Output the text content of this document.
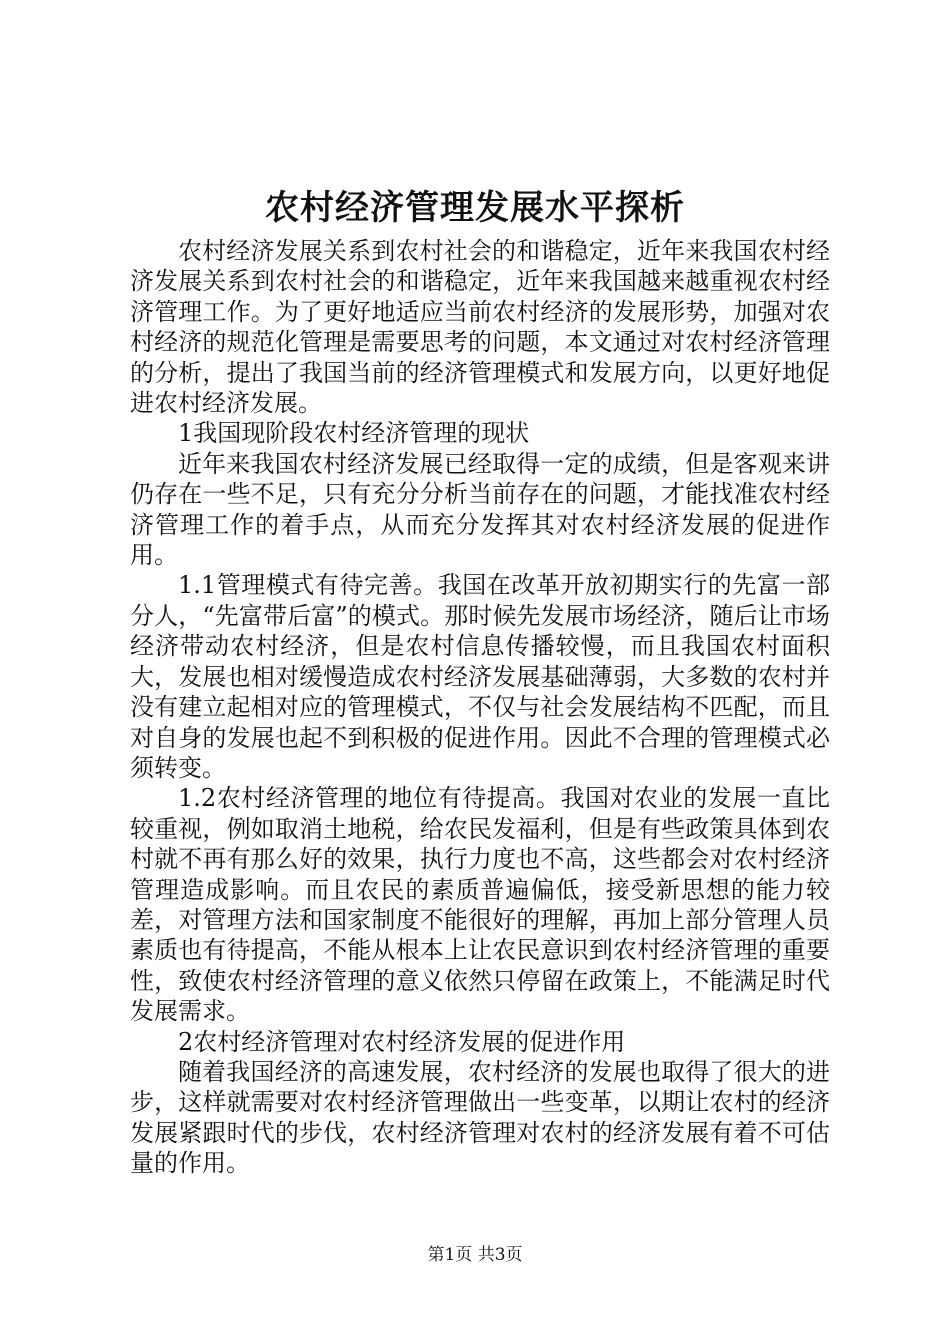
农村经济管理发展水平探析

农村经济发展关系到农村社会的和谐稳定，近年来我国农村经济发展关系到农村社会的和谐稳定，近年来我国越来越重视农村经济管理工作。为了更好地适应当前农村经济的发展形势，加强对农村经济的规范化管理是需要思考的问题，本文通过对农村经济管理的分析，提出了我国当前的经济管理模式和发展方向，以更好地促进农村经济发展。

1我国现阶段农村经济管理的现状

近年来我国农村经济发展已经取得一定的成绩，但是客观来讲仍存在一些不足，只有充分分析当前存在的问题，才能找准农村经济管理工作的着手点，从而充分发挥其对农村经济发展的促进作用。

1.1管理模式有待完善。我国在改革开放初期实行的先富一部分人，“先富带后富”的模式。那时候先发展市场经济，随后让市场经济带动农村经济，但是农村信息传播较慢，而且我国农村面积大，发展也相对缓慢造成农村经济发展基础薄弱，大多数的农村并没有建立起相对应的管理模式，不仅与社会发展结构不匹配，而且对自身的发展也起不到积极的促进作用。因此不合理的管理模式必须转变。

1.2农村经济管理的地位有待提高。我国对农业的发展一直比较重视，例如取消土地税，给农民发福利，但是有些政策具体到农村就不再有那么好的效果，执行力度也不高，这些都会对农村经济管理造成影响。而且农民的素质普遍偏低，接受新思想的能力较差，对管理方法和国家制度不能很好的理解，再加上部分管理人员素质也有待提高，不能从根本上让农民意识到农村经济管理的重要性，致使农村经济管理的意义依然只停留在政策上，不能满足时代发展需求。

2农村经济管理对农村经济发展的促进作用

随着我国经济的高速发展，农村经济的发展也取得了很大的进步，这样就需要对农村经济管理做出一些变革，以期让农村的经济发展紧跟时代的步伐，农村经济管理对农村的经济发展有着不可估量的作用。

第1页 共3页
